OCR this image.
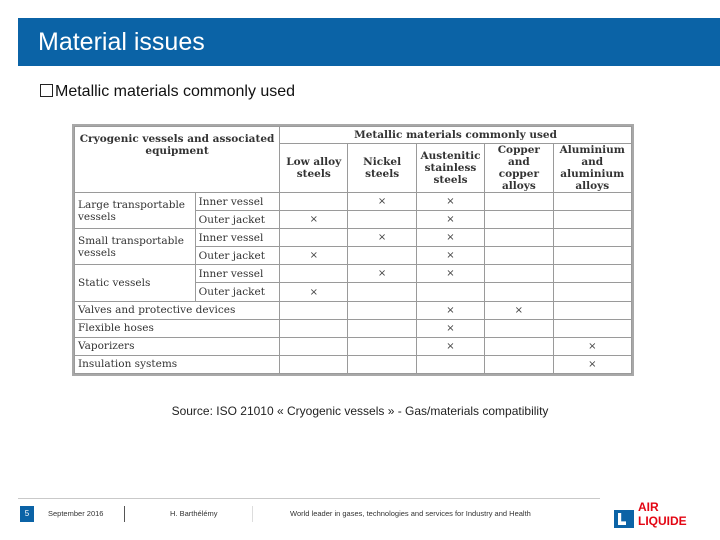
Material issues
Metallic materials commonly used
Cryogenic vessels and associated equipment		Metallic materials commonly used				
		Low alloy steels	Nickel steels	Austenitic stainless steels	Copper and copper alloys	Aluminium and aluminium alloys
Large transportable vessels	Inner vessel		×	×		
	Outer jacket	×		×		
Small transportable vessels	Inner vessel		×	×		
	Outer jacket	×		×		
Static vessels	Inner vessel		×	×		
	Outer jacket	×				
Valves and protective devices				×	×	
Flexible hoses				×		
Vaporizers				×		×
Insulation systems						×
Source: ISO 21010 « Cryogenic vessels » - Gas/materials compatibility
5	September 2016	H. Barthélémy	World leader in gases, technologies and services for Industry and Health	AIR LIQUIDE
